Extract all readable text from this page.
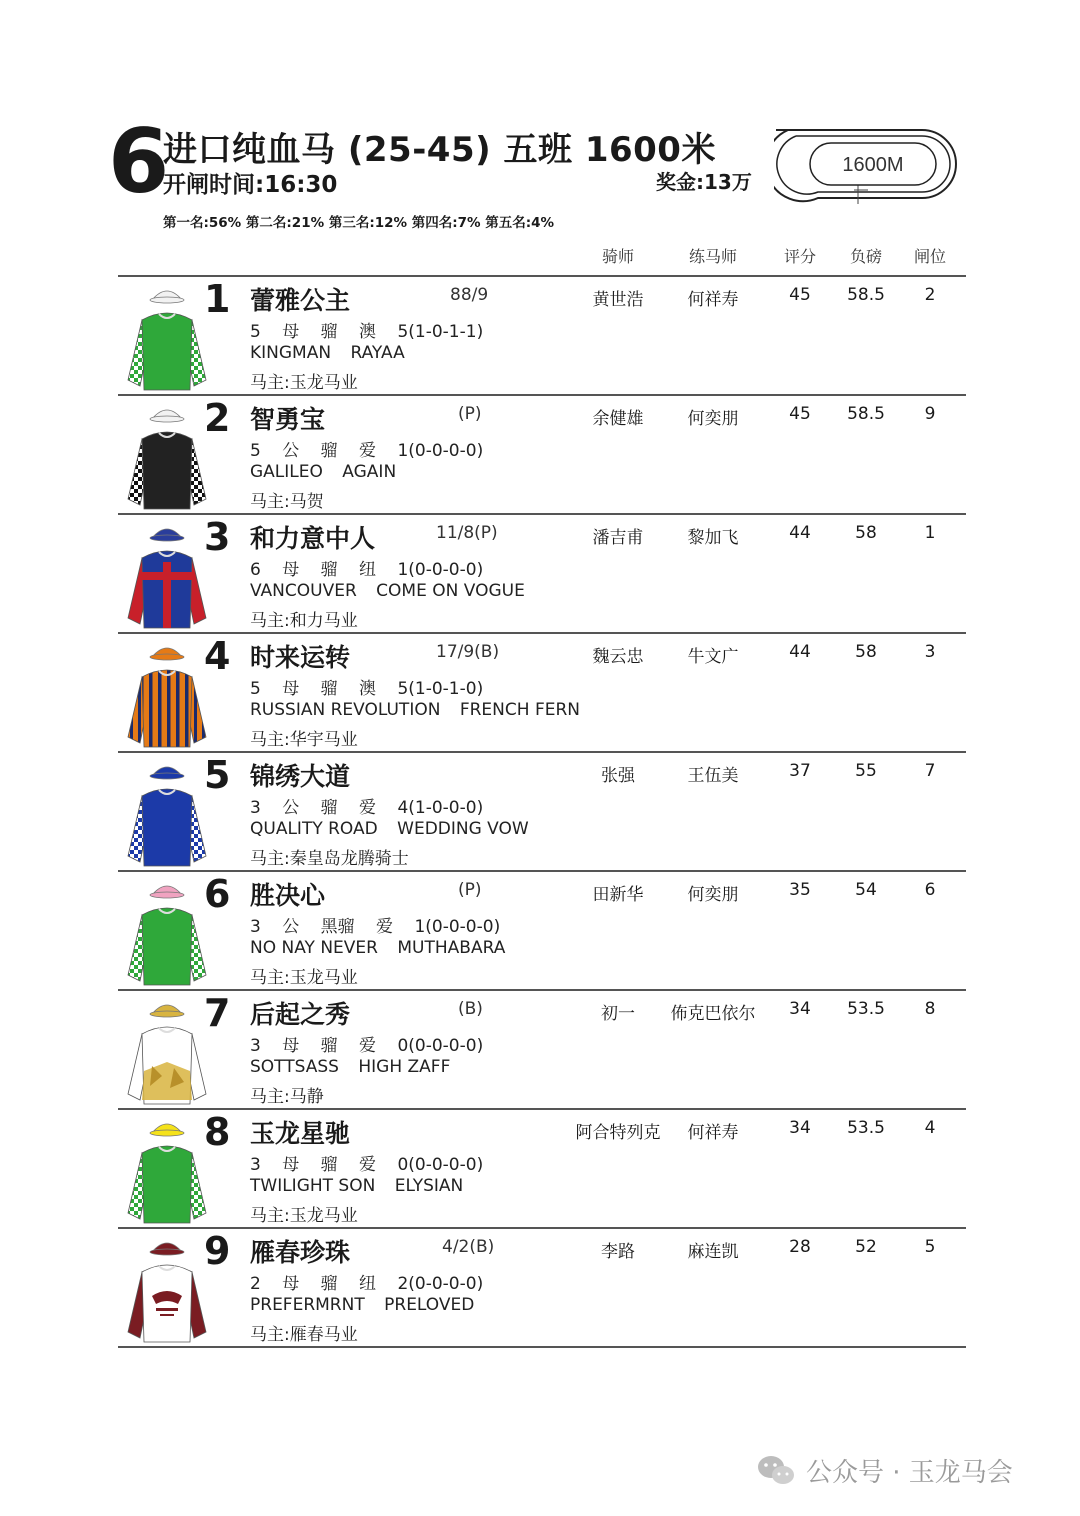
6
进口纯血马 (25-45) 五班 1600米
开闸时间:16:30	奖金:13万
第一名:56% 第二名:21% 第三名:12% 第四名:7% 第五名:4%
1600M
骑师	练马师	评分	负磅	闸位
1 蕾雅公主	88/9
5 母 骝 澳 5(1-0-1-1)
KINGMAN RAYAA
马主:玉龙马业
黄世浩	何祥寿	45	58.5	2
2 智勇宝	(P)
5 公 骝 爱 1(0-0-0-0)
GALILEO AGAIN
马主:马贺
余健雄	何奕朋	45	58.5	9
3 和力意中人	11/8(P)
6 母 骝 纽 1(0-0-0-0)
VANCOUVER COME ON VOGUE
马主:和力马业
潘吉甫	黎加飞	44	58	1
4 时来运转	17/9(B)
5 母 骝 澳 5(1-0-1-0)
RUSSIAN REVOLUTION FRENCH FERN
马主:华宇马业
魏云忠	牛文广	44	58	3
5 锦绣大道
3 公 骝 爱 4(1-0-0-0)
QUALITY ROAD WEDDING VOW
马主:秦皇岛龙腾骑士
张强	王伍美	37	55	7
6 胜决心	(P)
3 公 黑骝 爱 1(0-0-0-0)
NO NAY NEVER MUTHABARA
马主:玉龙马业
田新华	何奕朋	35	54	6
7 后起之秀	(B)
3 母 骝 爱 0(0-0-0-0)
SOTTSASS HIGH ZAFF
马主:马静
初一	佈克巴依尔	34	53.5	8
8 玉龙星驰
3 母 骝 爱 0(0-0-0-0)
TWILIGHT SON ELYSIAN
马主:玉龙马业
阿合特列克	何祥寿	34	53.5	4
9 雁春珍珠	4/2(B)
2 母 骝 纽 2(0-0-0-0)
PREFERMRNT PRELOVED
马主:雁春马业
李路	麻连凯	28	52	5
公众号 · 玉龙马会
